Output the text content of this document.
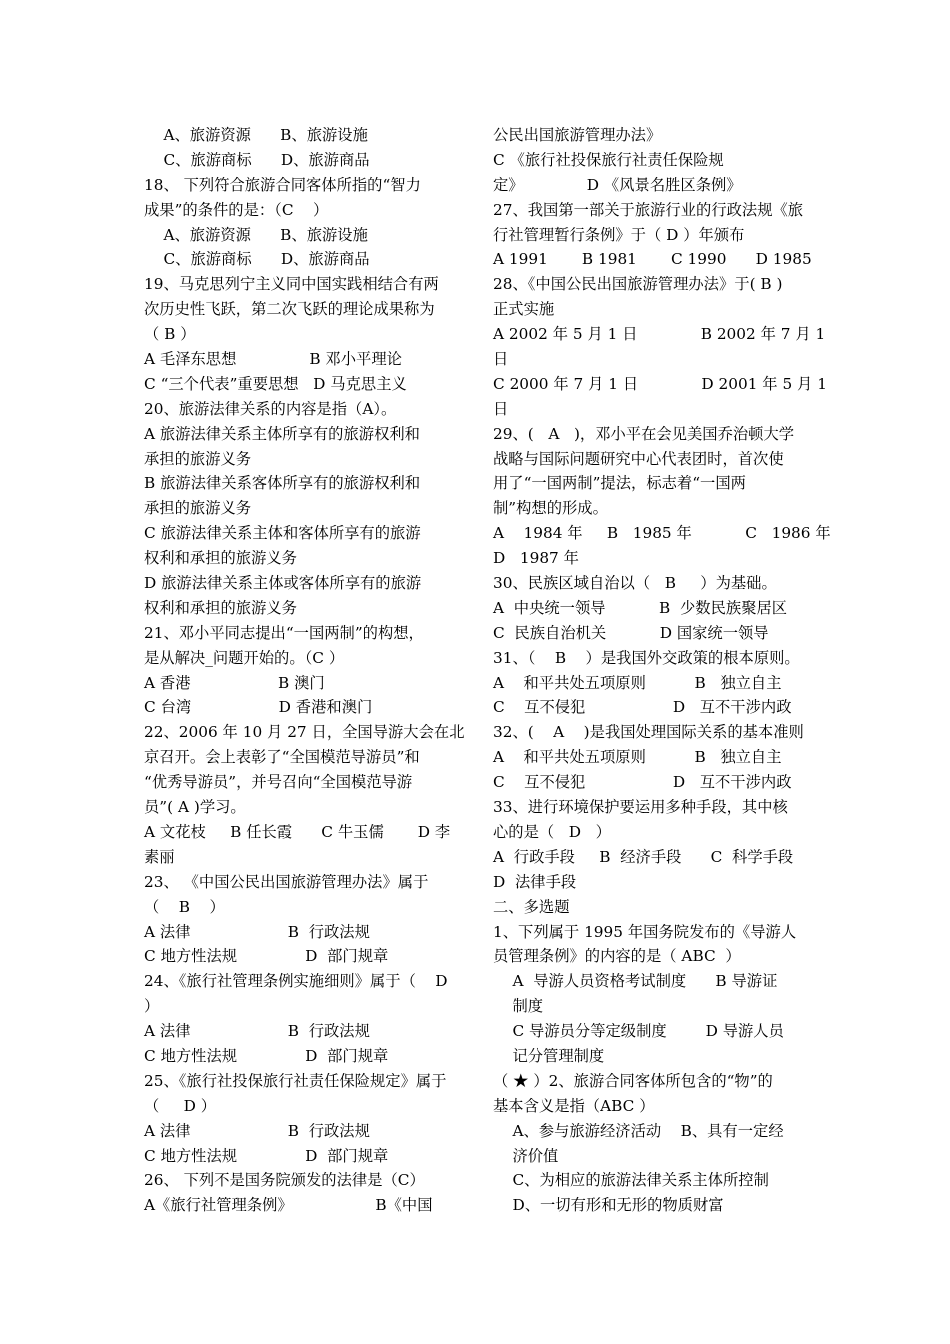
A、旅游资源      B、旅游设施
C、旅游商标      D、旅游商品
18、 下列符合旅游合同客体所指的“智力
成果”的条件的是：（C    ）
A、旅游资源      B、旅游设施
C、旅游商标      D、旅游商品
19、马克思列宁主义同中国实践相结合有两
次历史性飞跃，第二次飞跃的理论成果称为
（ B ）
A 毛泽东思想               B 邓小平理论
C “三个代表”重要思想   D 马克思主义
20、旅游法律关系的内容是指（A）。
A 旅游法律关系主体所享有的旅游权利和
承担的旅游义务
B 旅游法律关系客体所享有的旅游权利和
承担的旅游义务
C 旅游法律关系主体和客体所享有的旅游
权利和承担的旅游义务
D 旅游法律关系主体或客体所享有的旅游
权利和承担的旅游义务
21、邓小平同志提出“一国两制”的构想，
是从解决_问题开始的。（C ）
A 香港                  B 澳门
C 台湾                  D 香港和澳门
22、2006 年 10 月 27 日，全国导游大会在北
京召开。会上表彰了“全国模范导游员”和
“优秀导游员”，并号召向“全国模范导游
员”( A )学习。
A 文花枝     B 任长霞      C 牛玉儒       D 李
素丽
23、 《中国公民出国旅游管理办法》属于
（    B    ）
A 法律                    B  行政法规
C 地方性法规              D  部门规章
24、《旅行社管理条例实施细则》属于（    D
）
A 法律                    B  行政法规
C 地方性法规              D  部门规章
25、《旅行社投保旅行社责任保险规定》属于
（     D ）
A 法律                    B  行政法规
C 地方性法规              D  部门规章
26、 下列不是国务院颁发的法律是（C）
A《旅行社管理条例》                 B《中国
公民出国旅游管理办法》
C 《旅行社投保旅行社责任保险规
定》             D 《风景名胜区条例》
27、我国第一部关于旅游行业的行政法规《旅
行社管理暂行条例》于（ D ）年颁布
A 1991       B 1981       C 1990      D 1985
28、《中国公民出国旅游管理办法》于( B )
正式实施
A 2002 年 5 月 1 日             B 2002 年 7 月 1
日
C 2000 年 7 月 1 日             D 2001 年 5 月 1
日
29、(   A   )，邓小平在会见美国乔治顿大学
战略与国际问题研究中心代表团时，首次使
用了“一国两制”提法，标志着“一国两
制”构想的形成。
A    1984 年     B   1985 年           C   1986 年
D   1987 年
30、民族区域自治以（   B     ）为基础。
A  中央统一领导           B  少数民族聚居区
C  民族自治机关           D 国家统一领导
31、（    B    ）是我国外交政策的根本原则。
A    和平共处五项原则          B   独立自主
C    互不侵犯                  D   互不干涉内政
32、(    A    )是我国处理国际关系的基本准则
A    和平共处五项原则          B   独立自主
C    互不侵犯                  D   互不干涉内政
33、进行环境保护要运用多种手段，其中核
心的是（   D   ）
A  行政手段     B  经济手段      C  科学手段
D  法律手段
二、多选题
1、下列属于 1995 年国务院发布的《导游人
员管理条例》的内容的是（ ABC  ）
A  导游人员资格考试制度      B 导游证
制度
C 导游员分等定级制度        D 导游人员
记分管理制度
（ ★ ）2、旅游合同客体所包含的“物”的
基本含义是指（ABC ）
A、参与旅游经济活动    B、具有一定经
济价值
C、为相应的旅游法律关系主体所控制
D、一切有形和无形的物质财富
